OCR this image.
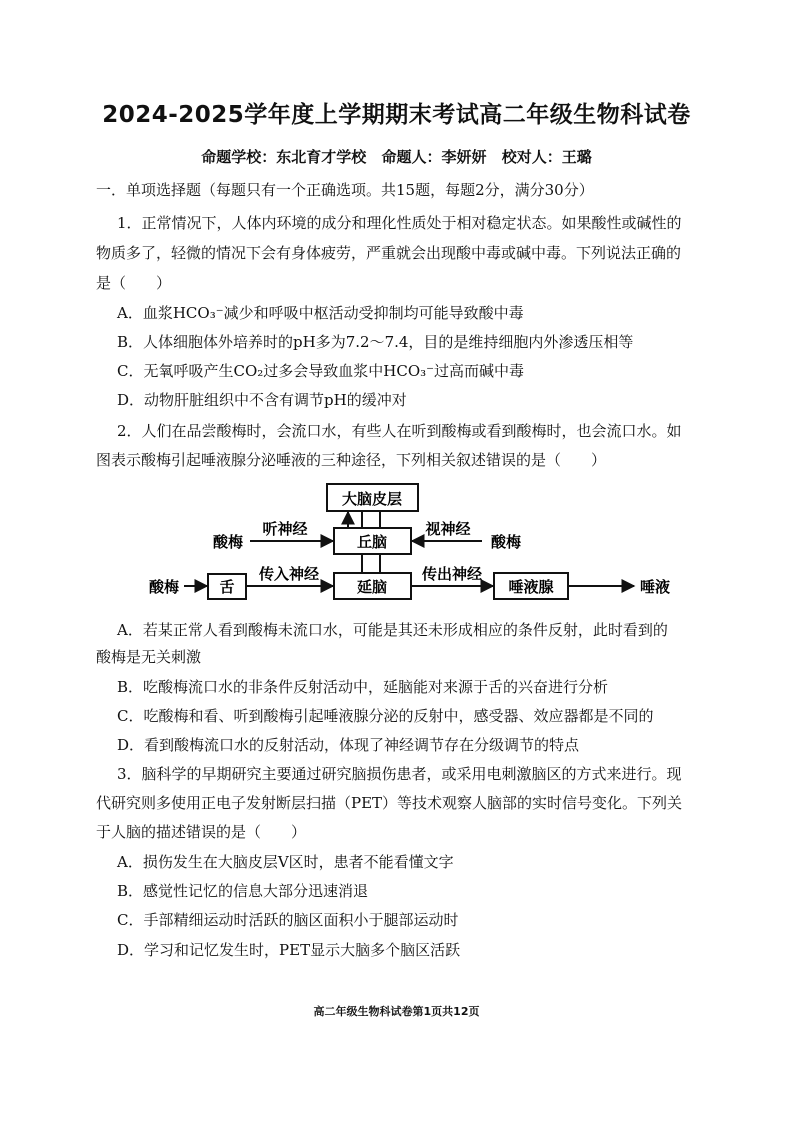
2024-2025学年度上学期期末考试高二年级生物科试卷
命题学校：东北育才学校 命题人：李妍妍 校对人：王璐
一．单项选择题（每题只有一个正确选项。共15题，每题2分，满分30分）
1．正常情况下，人体内环境的成分和理化性质处于相对稳定状态。如果酸性或碱性的
物质多了，轻微的情况下会有身体疲劳，严重就会出现酸中毒或碱中毒。下列说法正确的
是（　　）
A．血浆HCO₃⁻减少和呼吸中枢活动受抑制均可能导致酸中毒
B．人体细胞体外培养时的pH多为7.2～7.4，目的是维持细胞内外渗透压相等
C．无氧呼吸产生CO₂过多会导致血浆中HCO₃⁻过高而碱中毒
D．动物肝脏组织中不含有调节pH的缓冲对
2．人们在品尝酸梅时，会流口水，有些人在听到酸梅或看到酸梅时，也会流口水。如
图表示酸梅引起唾液腺分泌唾液的三种途径，下列相关叙述错误的是（　　）
大脑皮层
丘脑
延脑
舌	唾液腺
酸梅
听神经
酸梅
视神经
酸梅
传入神经	传出神经
唾液
A．若某正常人看到酸梅未流口水，可能是其还未形成相应的条件反射，此时看到的
酸梅是无关刺激
B．吃酸梅流口水的非条件反射活动中，延脑能对来源于舌的兴奋进行分析
C．吃酸梅和看、听到酸梅引起唾液腺分泌的反射中，感受器、效应器都是不同的
D．看到酸梅流口水的反射活动，体现了神经调节存在分级调节的特点
3．脑科学的早期研究主要通过研究脑损伤患者，或采用电刺激脑区的方式来进行。现
代研究则多使用正电子发射断层扫描（PET）等技术观察人脑部的实时信号变化。下列关
于人脑的描述错误的是（　　）
A．损伤发生在大脑皮层V区时，患者不能看懂文字
B．感觉性记忆的信息大部分迅速消退
C．手部精细运动时活跃的脑区面积小于腿部运动时
D．学习和记忆发生时，PET显示大脑多个脑区活跃
高二年级生物科试卷第1页共12页
